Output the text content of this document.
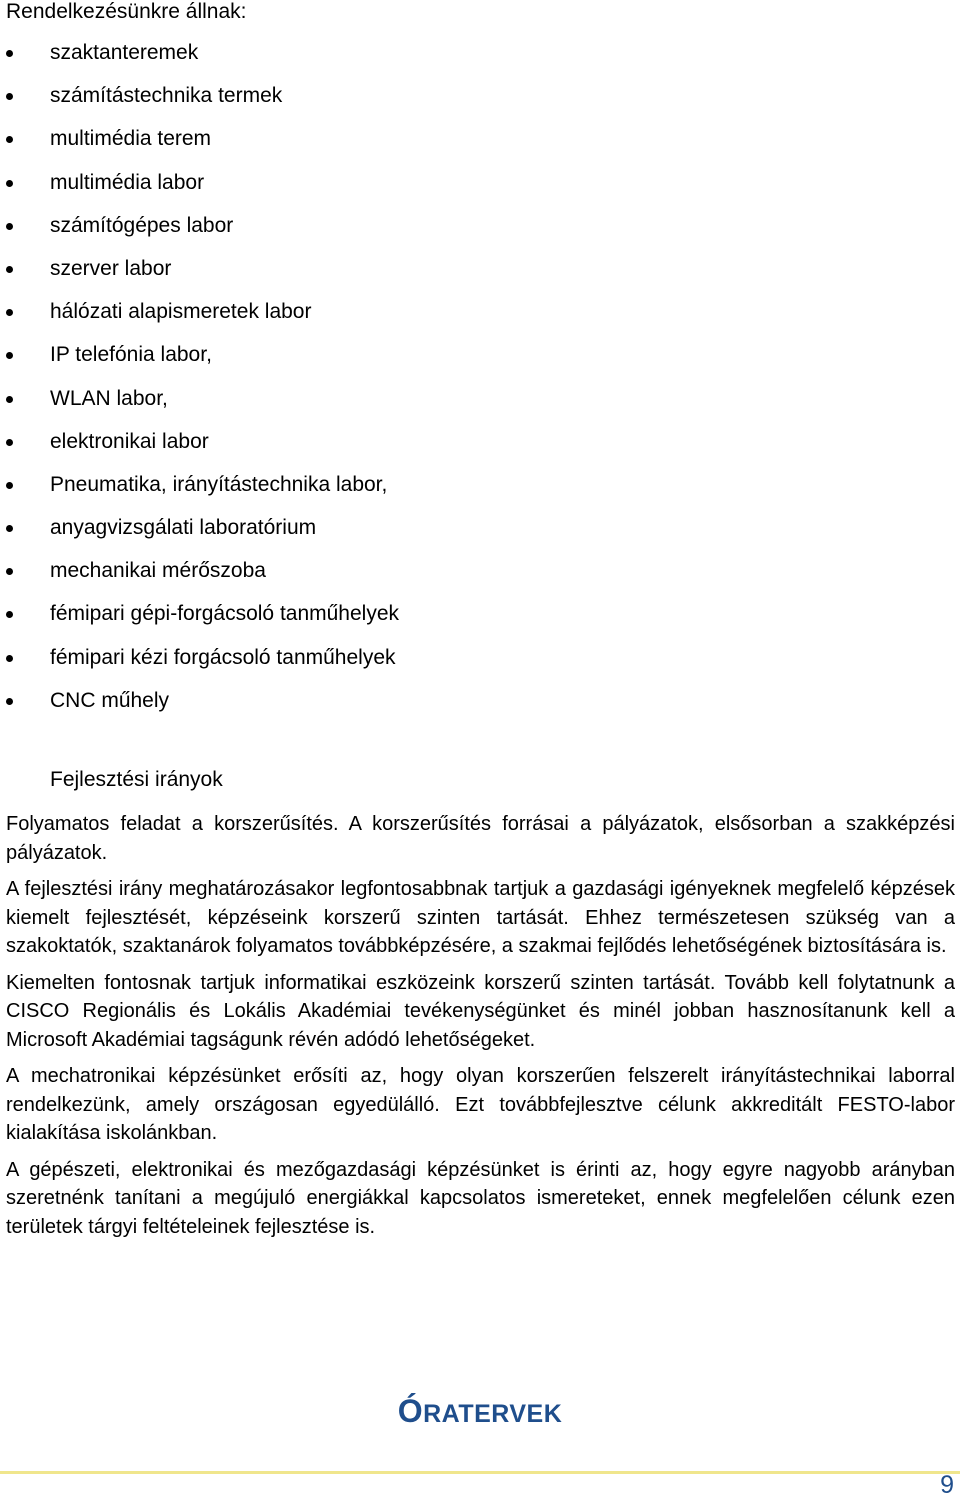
Rendelkezésünkre állnak:
szaktanteremek
számítástechnika termek
multimédia terem
multimédia labor
számítógépes labor
szerver labor
hálózati alapismeretek labor
IP telefónia labor,
WLAN labor,
elektronikai labor
Pneumatika, irányítástechnika labor,
anyagvizsgálati laboratórium
mechanikai mérőszoba
fémipari gépi-forgácsoló tanműhelyek
fémipari kézi forgácsoló tanműhelyek
CNC műhely
Fejlesztési irányok

Folyamatos feladat a korszerűsítés. A korszerűsítés forrásai a pályázatok, elsősorban a szakképzési pályázatok.

A fejlesztési irány meghatározásakor legfontosabbnak tartjuk a gazdasági igényeknek megfelelő képzések kiemelt fejlesztését, képzéseink korszerű szinten tartását. Ehhez természetesen szükség van a szakoktatók, szaktanárok folyamatos továbbképzésére, a szakmai fejlődés lehetőségének biztosítására is.

Kiemelten fontosnak tartjuk informatikai eszközeink korszerű szinten tartását. Tovább kell folytatnunk a CISCO Regionális és Lokális Akadémiai tevékenységünket és minél jobban hasznosítanunk kell a Microsoft Akadémiai tagságunk révén adódó lehetőségeket.

A mechatronikai képzésünket erősíti az, hogy olyan korszerűen felszerelt irányítástechnikai laborral rendelkezünk, amely országosan egyedülálló. Ezt továbbfejlesztve célunk akkreditált FESTO-labor kialakítása iskolánkban.

A gépészeti, elektronikai és mezőgazdasági képzésünket is érinti az, hogy egyre nagyobb arányban szeretnénk tanítani a megújuló energiákkal kapcsolatos ismereteket, ennek megfelelően célunk ezen területek tárgyi feltételeinek fejlesztése is.

ÓRATERVEK
9
